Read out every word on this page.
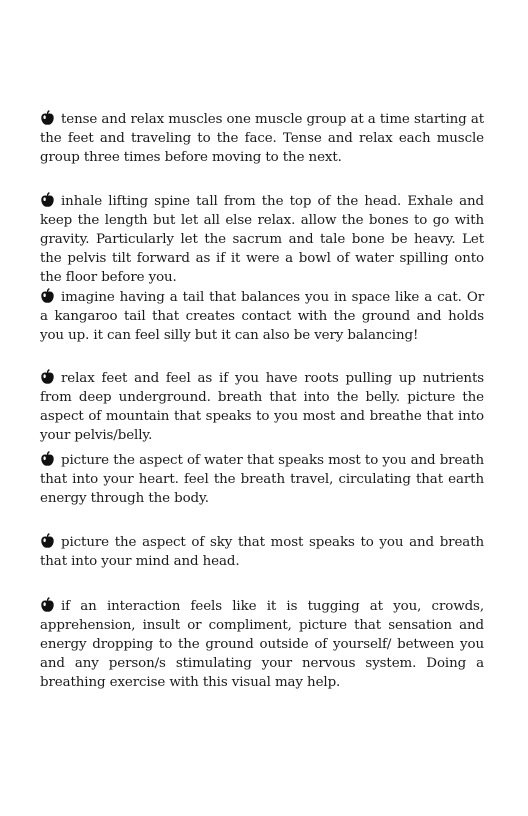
tense and relax muscles one muscle group at a time starting at the feet and traveling to the face. Tense and relax each muscle group three times before moving to the next.
inhale lifting spine tall from the top of the head. Exhale and keep the length but let all else relax. allow the bones to go with gravity. Particularly let the sacrum and tale bone be heavy. Let the pelvis tilt forward as if it were a bowl of water spilling onto the floor before you.
imagine having a tail that balances you in space like a cat. Or a kangaroo tail that creates contact with the ground and holds you up. it can feel silly but it can also be very balancing!
relax feet and feel as if you have roots pulling up nutrients from deep underground. breath that into the belly. picture the aspect of mountain that speaks to you most and breathe that into your pelvis/belly.
picture the aspect of water that speaks most to you and breath that into your heart. feel the breath travel, circulating that earth energy through the body.
picture the aspect of sky that most speaks to you and breath that into your mind and head.
if an interaction feels like it is tugging at you, crowds, apprehension, insult or compliment, picture that sensation and energy dropping to the ground outside of yourself/ between you and any person/s stimulating your nervous system. Doing a breathing exercise with this visual may help.
